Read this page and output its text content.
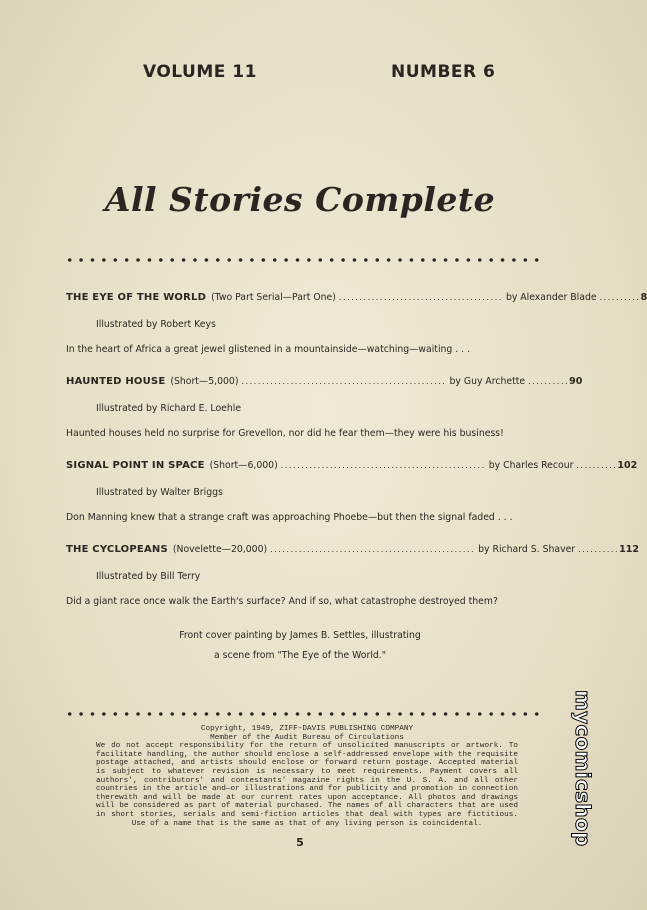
VOLUME 11	NUMBER 6
All Stories Complete
THE EYE OF THE WORLD (Two Part Serial—Part One) ........................................ by Alexander Blade .......... 8
Illustrated by Robert Keys
In the heart of Africa a great jewel glistened in a mountainside—watching—waiting . . .
HAUNTED HOUSE (Short—5,000) .................................................. by Guy Archette .......... 90
Illustrated by Richard E. Loehle
Haunted houses held no surprise for Grevellon, nor did he fear them—they were his business!
SIGNAL POINT IN SPACE (Short—6,000) .................................................. by Charles Recour .......... 102
Illustrated by Walter Briggs
Don Manning knew that a strange craft was approaching Phoebe—but then the signal faded . . .
THE CYCLOPEANS (Novelette—20,000) .................................................. by Richard S. Shaver .......... 112
Illustrated by Bill Terry
Did a giant race once walk the Earth's surface? And if so, what catastrophe destroyed them?
Front cover painting by James B. Settles, illustrating
a scene from "The Eye of the World."
Copyright, 1949, ZIFF-DAVIS PUBLISHING COMPANY
Member of the Audit Bureau of Circulations
We do not accept responsibility for the return of unsolicited manuscripts or artwork. To facilitate handling, the author should enclose a self-addressed envelope with the requisite postage attached, and artists should enclose or forward return postage. Accepted material is subject to whatever revision is necessary to meet requirements. Payment covers all authors', contributors' and contestants' magazine rights in the U. S. A. and all other countries in the article and—or illustrations and for publicity and promotion in connection therewith and will be made at our current rates upon acceptance. All photos and drawings will be considered as part of material purchased. The names of all characters that are used in short stories, serials and semi-fiction articles that deal with types are fictitious. Use of a name that is the same as that of any living person is coincidental.
5	mycomicshop
